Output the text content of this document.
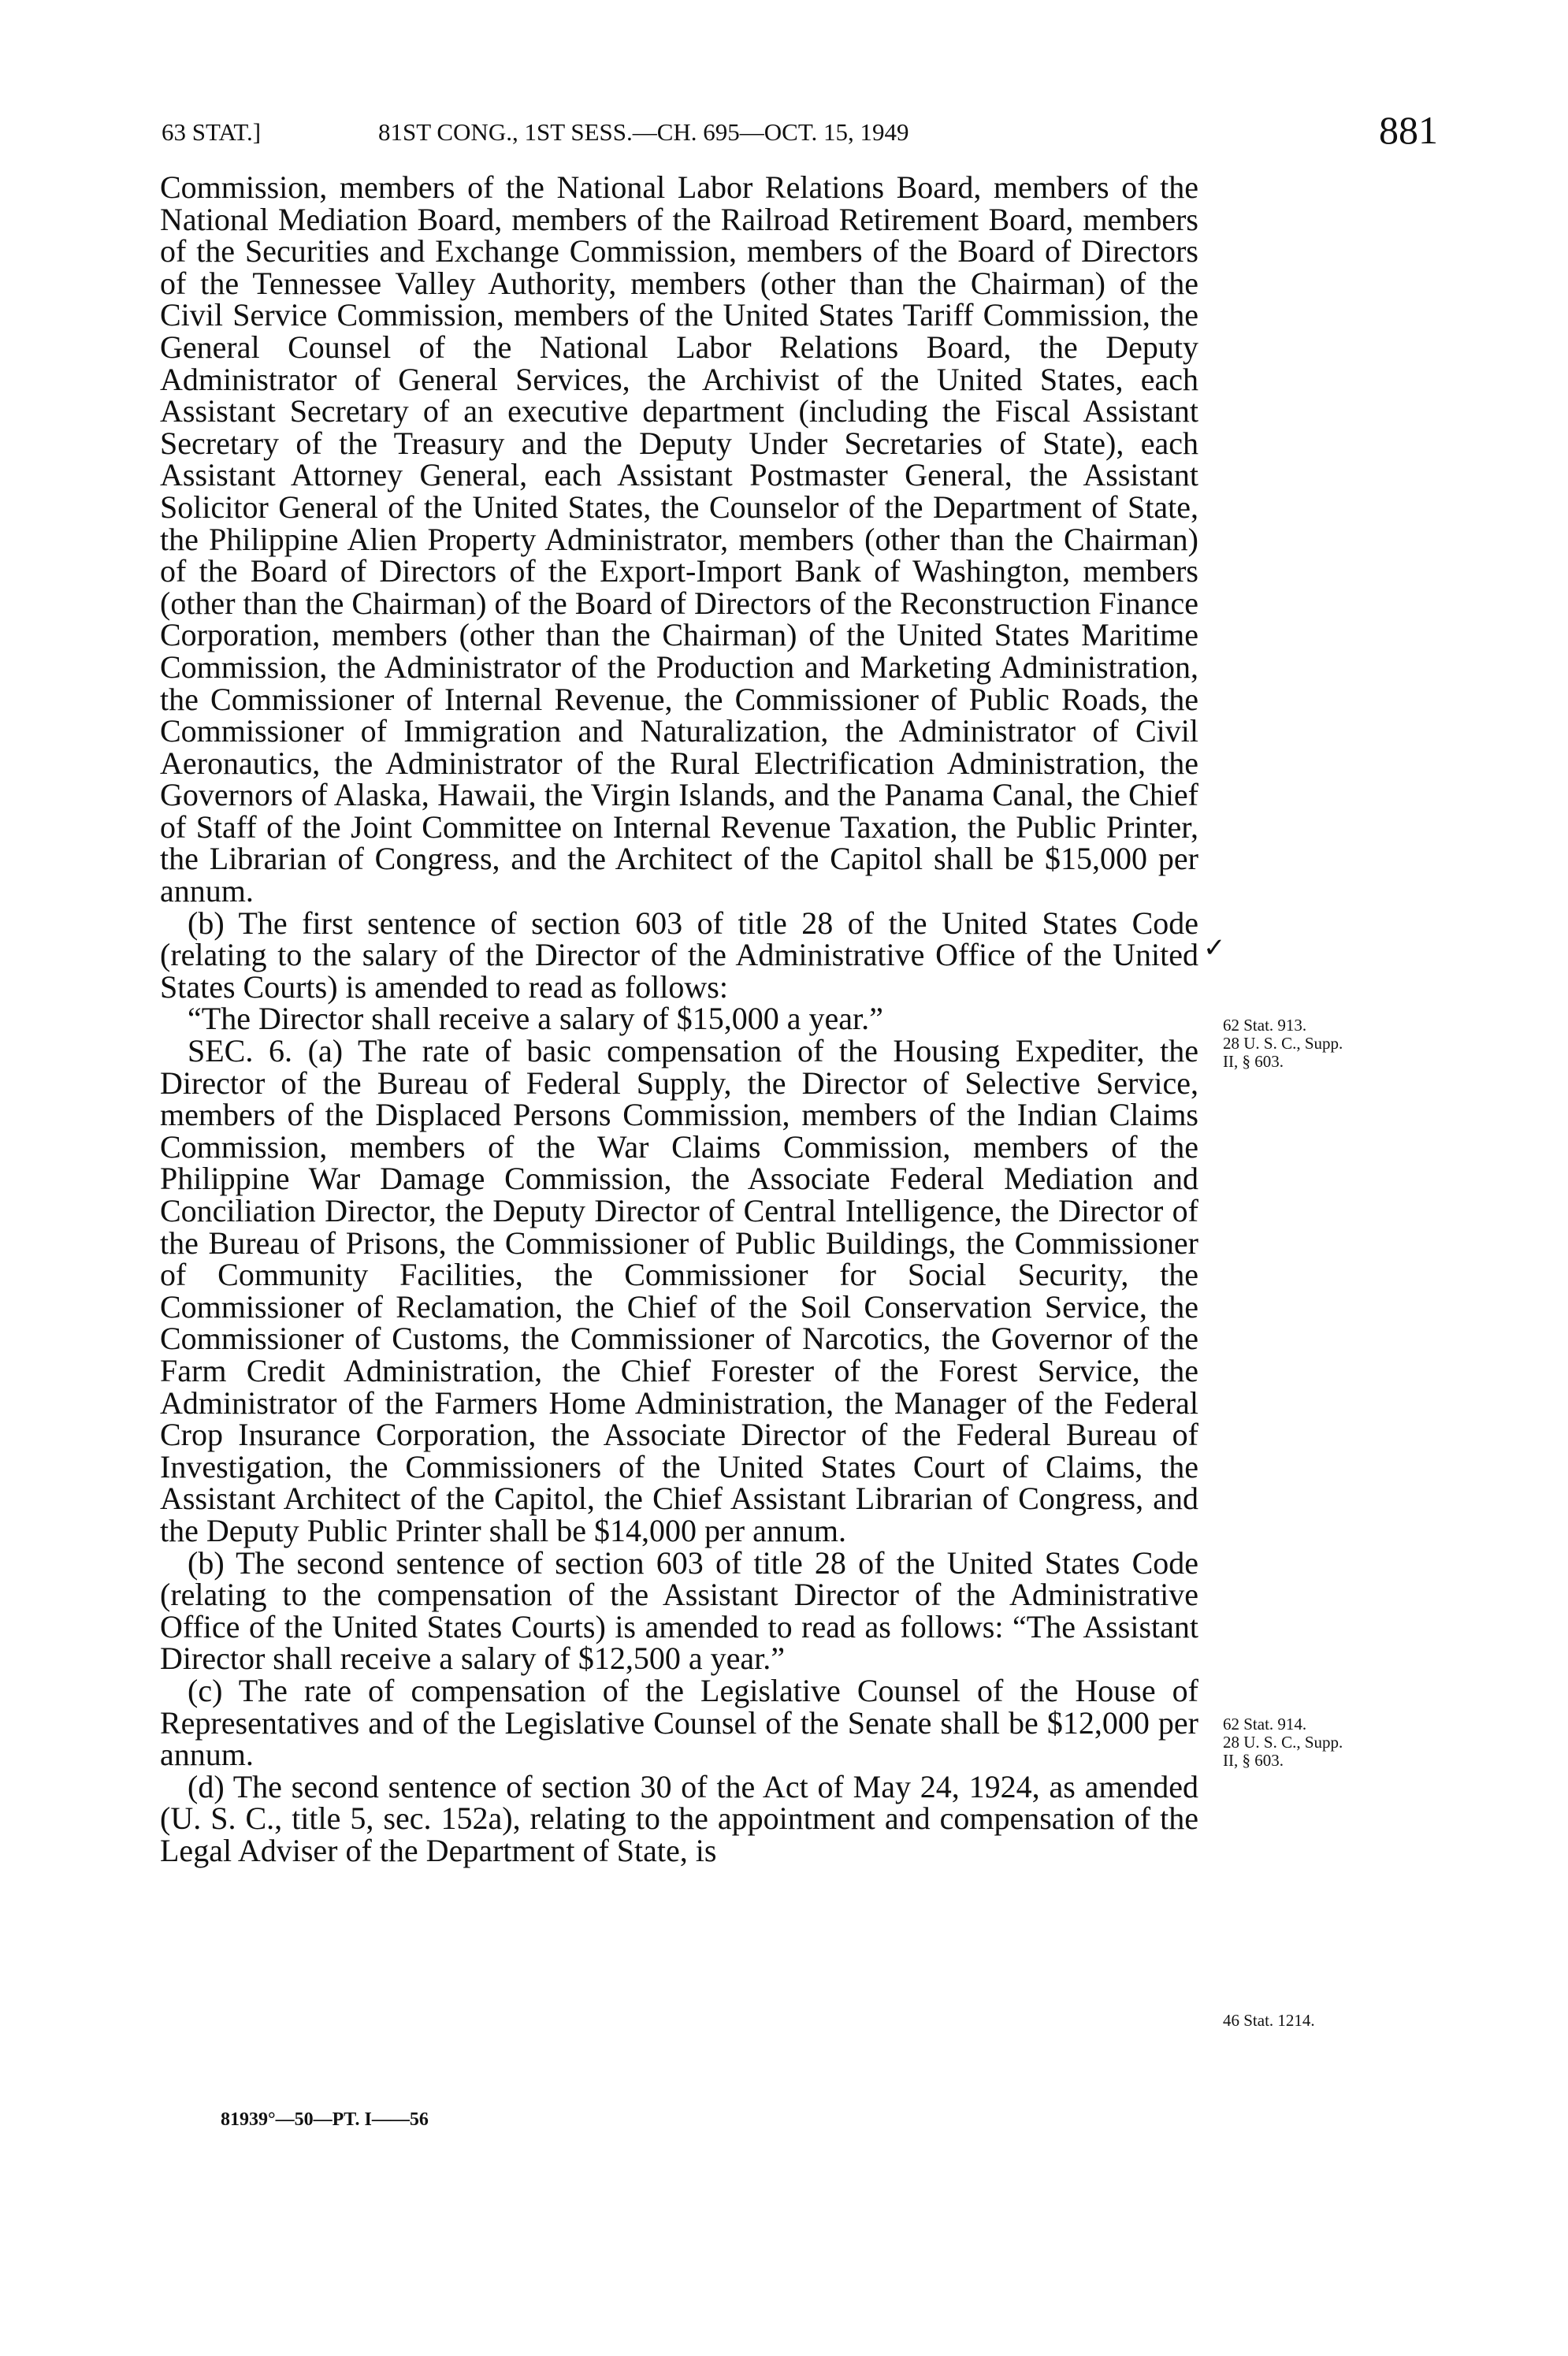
63 STAT.]	81ST CONG., 1ST SESS.—CH. 695—OCT. 15, 1949	881

Commission, members of the National Labor Relations Board, members of the National Mediation Board, members of the Railroad Retirement Board, members of the Securities and Exchange Commission, members of the Board of Directors of the Tennessee Valley Authority, members (other than the Chairman) of the Civil Service Commission, members of the United States Tariff Commission, the General Counsel of the National Labor Relations Board, the Deputy Administrator of General Services, the Archivist of the United States, each Assistant Secretary of an executive department (including the Fiscal Assistant Secretary of the Treasury and the Deputy Under Secretaries of State), each Assistant Attorney General, each Assistant Postmaster General, the Assistant Solicitor General of the United States, the Counselor of the Department of State, the Philippine Alien Property Administrator, members (other than the Chairman) of the Board of Directors of the Export-Import Bank of Washington, members (other than the Chairman) of the Board of Directors of the Reconstruction Finance Corporation, members (other than the Chairman) of the United States Maritime Commission, the Administrator of the Production and Marketing Administration, the Commissioner of Internal Revenue, the Commissioner of Public Roads, the Commissioner of Immigration and Naturalization, the Administrator of Civil Aeronautics, the Administrator of the Rural Electrification Administration, the Governors of Alaska, Hawaii, the Virgin Islands, and the Panama Canal, the Chief of Staff of the Joint Committee on Internal Revenue Taxation, the Public Printer, the Librarian of Congress, and the Architect of the Capitol shall be $15,000 per annum.

(b) The first sentence of section 603 of title 28 of the United States Code (relating to the salary of the Director of the Administrative Office of the United States Courts) is amended to read as follows:

“The Director shall receive a salary of $15,000 a year.”

SEC. 6. (a) The rate of basic compensation of the Housing Expediter, the Director of the Bureau of Federal Supply, the Director of Selective Service, members of the Displaced Persons Commission, members of the Indian Claims Commission, members of the War Claims Commission, members of the Philippine War Damage Commission, the Associate Federal Mediation and Conciliation Director, the Deputy Director of Central Intelligence, the Director of the Bureau of Prisons, the Commissioner of Public Buildings, the Commissioner of Community Facilities, the Commissioner for Social Security, the Commissioner of Reclamation, the Chief of the Soil Conservation Service, the Commissioner of Customs, the Commissioner of Narcotics, the Governor of the Farm Credit Administration, the Chief Forester of the Forest Service, the Administrator of the Farmers Home Administration, the Manager of the Federal Crop Insurance Corporation, the Associate Director of the Federal Bureau of Investigation, the Commissioners of the United States Court of Claims, the Assistant Architect of the Capitol, the Chief Assistant Librarian of Congress, and the Deputy Public Printer shall be $14,000 per annum.

(b) The second sentence of section 603 of title 28 of the United States Code (relating to the compensation of the Assistant Director of the Administrative Office of the United States Courts) is amended to read as follows: “The Assistant Director shall receive a salary of $12,500 a year.”

(c) The rate of compensation of the Legislative Counsel of the House of Representatives and of the Legislative Counsel of the Senate shall be $12,000 per annum.

(d) The second sentence of section 30 of the Act of May 24, 1924, as amended (U. S. C., title 5, sec. 152a), relating to the appointment and compensation of the Legal Adviser of the Department of State, is

✓
62 Stat. 913.
28 U. S. C., Supp.
II, § 603.
62 Stat. 914.
28 U. S. C., Supp.
II, § 603.
46 Stat. 1214.
81939°—50—PT. I——56
